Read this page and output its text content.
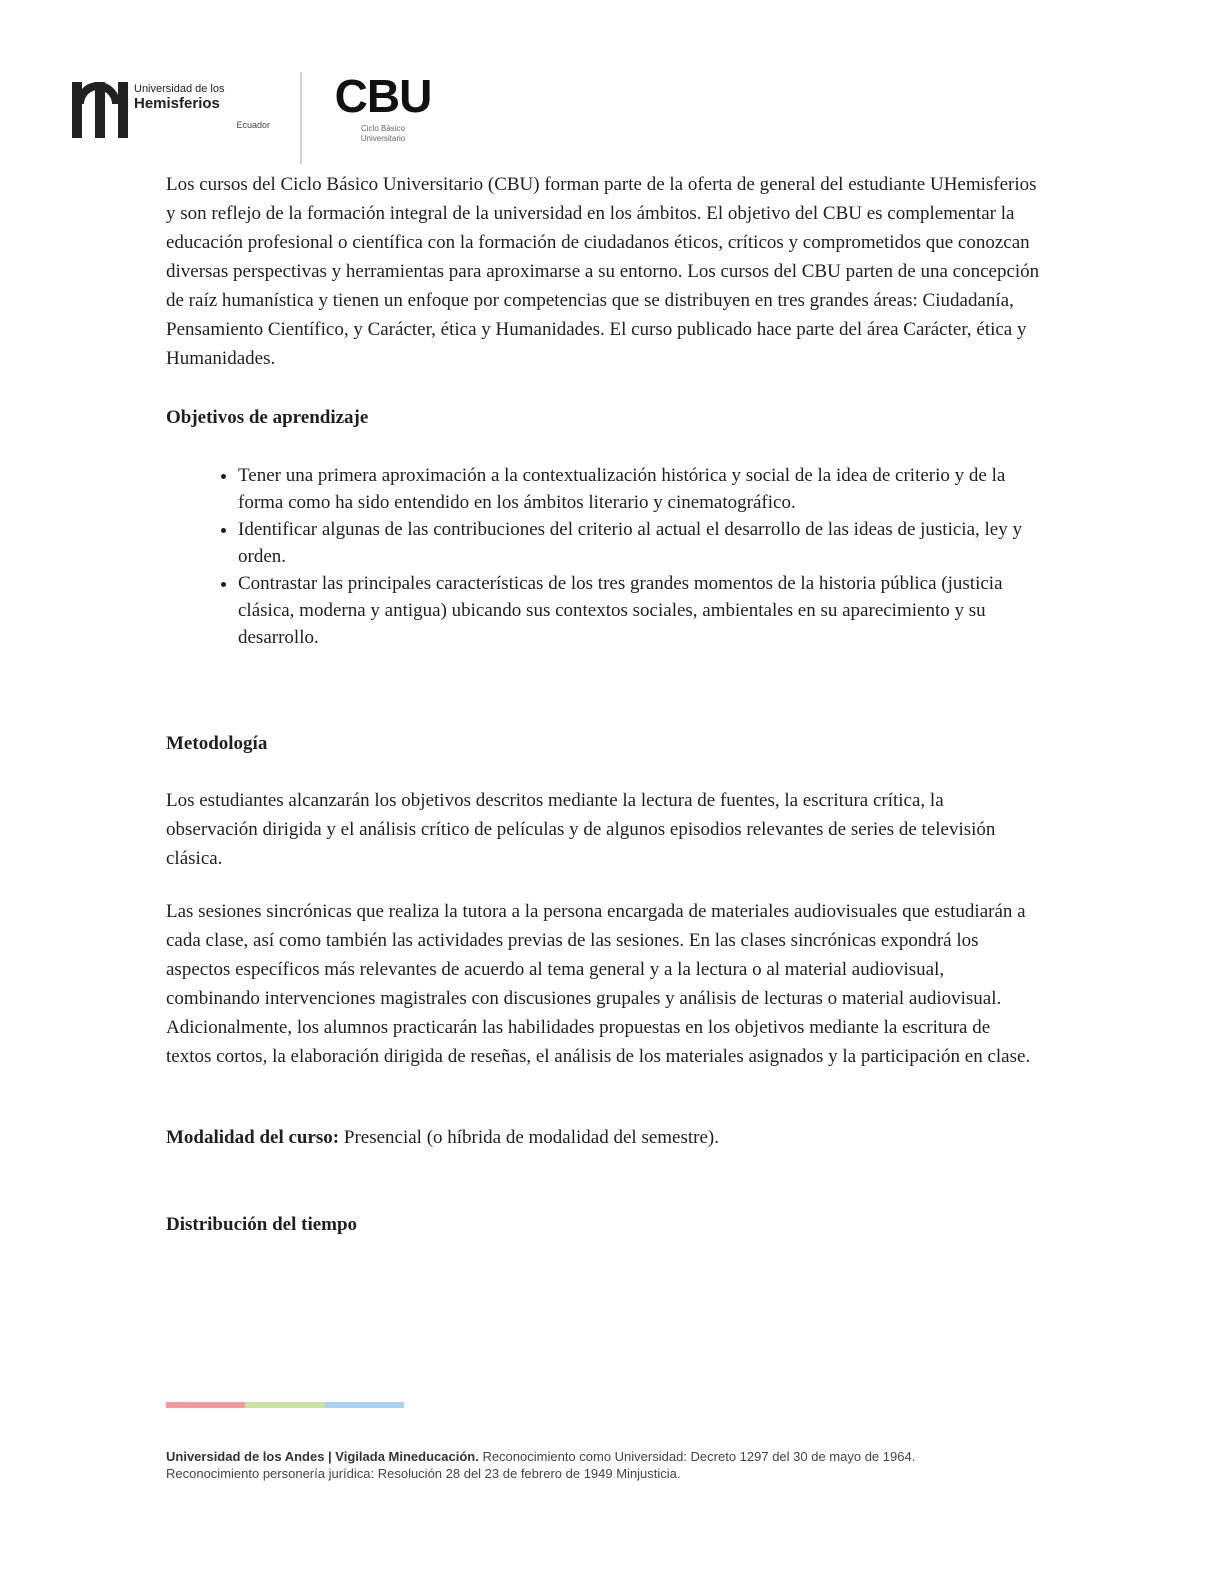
Universidad de los
Hemisferios
Ecuador
CBU
Ciclo Básico
Universitario

Los cursos del Ciclo Básico Universitario (CBU) forman parte de la oferta de general del estudiante UHemisferios y son reflejo de la formación integral de la universidad en los ámbitos. El objetivo del CBU es complementar la educación profesional o científica con la formación de ciudadanos éticos, críticos y comprometidos que conozcan diversas perspectivas y herramientas para aproximarse a su entorno. Los cursos del CBU parten de una concepción de raíz humanística y tienen un enfoque por competencias que se distribuyen en tres grandes áreas: Ciudadanía, Pensamiento Científico, y Carácter, ética y Humanidades. El curso publicado hace parte del área Carácter, ética y Humanidades.

Objetivos de aprendizaje
• Tener una primera aproximación a la contextualización histórica y social de la idea de criterio y de la forma como ha sido entendido en los ámbitos literario y cinematográfico.
• Identificar algunas de las contribuciones del criterio al actual el desarrollo de las ideas de justicia, ley y orden.
• Contrastar las principales características de los tres grandes momentos de la historia pública (justicia clásica, moderna y antigua) ubicando sus contextos sociales, ambientales en su aparecimiento y su desarrollo.
Metodología

Los estudiantes alcanzarán los objetivos descritos mediante la lectura de fuentes, la escritura crítica, la observación dirigida y el análisis crítico de películas y de algunos episodios relevantes de series de televisión clásica.

Las sesiones sincrónicas que realiza la tutora a la persona encargada de materiales audiovisuales que estudiarán a cada clase, así como también las actividades previas de las sesiones. En las clases sincrónicas expondrá los aspectos específicos más relevantes de acuerdo al tema general y a la lectura o al material audiovisual, combinando intervenciones magistrales con discusiones grupales y análisis de lecturas o material audiovisual. Adicionalmente, los alumnos practicarán las habilidades propuestas en los objetivos mediante la escritura de textos cortos, la elaboración dirigida de reseñas, el análisis de los materiales asignados y la participación en clase.

Modalidad del curso: Presencial (o híbrida de modalidad del semestre).

Distribución del tiempo
Universidad de los Andes | Vigilada Mineducación. Reconocimiento como Universidad: Decreto 1297 del 30 de mayo de 1964.
Reconocimiento personería jurídica: Resolución 28 del 23 de febrero de 1949 Minjusticia.
